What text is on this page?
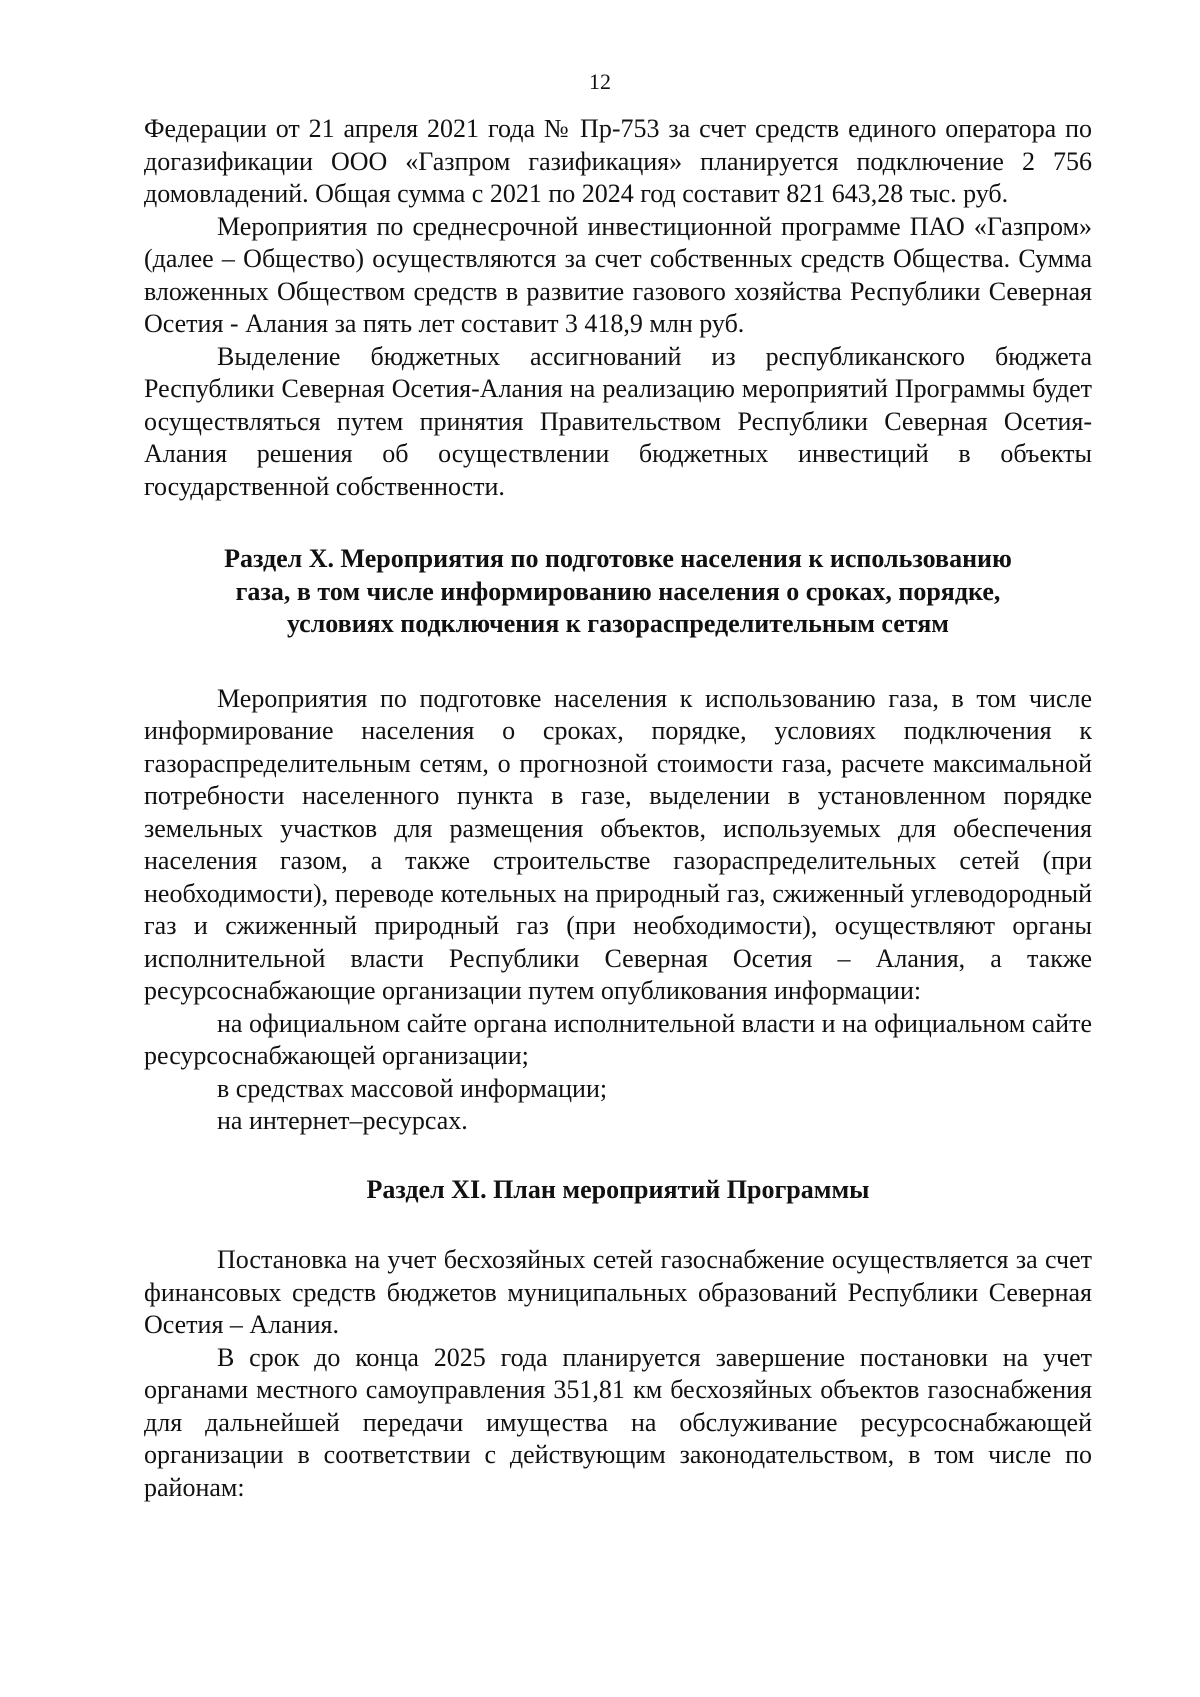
12

Федерации от 21 апреля 2021 года № Пр-753 за счет средств единого оператора по догазификации ООО «Газпром газификация» планируется подключение 2 756 домовладений. Общая сумма с 2021 по 2024 год составит 821 643,28 тыс. руб.

Мероприятия по среднесрочной инвестиционной программе ПАО «Газпром» (далее – Общество) осуществляются за счет собственных средств Общества. Сумма вложенных Обществом средств в развитие газового хозяйства Республики Северная Осетия - Алания за пять лет составит 3 418,9 млн руб.

Выделение бюджетных ассигнований из республиканского бюджета Республики Северная Осетия-Алания на реализацию мероприятий Программы будет осуществляться путем принятия Правительством Республики Северная Осетия-Алания решения об осуществлении бюджетных инвестиций в объекты государственной собственности.

Раздел X. Мероприятия по подготовке населения к использованию
газа, в том числе информированию населения о сроках, порядке,
условиях подключения к газораспределительным сетям

Мероприятия по подготовке населения к использованию газа, в том числе информирование населения о сроках, порядке, условиях подключения к газораспределительным сетям, о прогнозной стоимости газа, расчете максимальной потребности населенного пункта в газе, выделении в установленном порядке земельных участков для размещения объектов, используемых для обеспечения населения газом, а также строительстве газораспределительных сетей (при необходимости), переводе котельных на природный газ, сжиженный углеводородный газ и сжиженный природный газ (при необходимости), осуществляют органы исполнительной власти Республики Северная Осетия – Алания, а также ресурсоснабжающие организации путем опубликования информации:

на официальном сайте органа исполнительной власти и на официальном сайте ресурсоснабжающей организации;

в средствах массовой информации;

на интернет–ресурсах.

Раздел XI. План мероприятий Программы

Постановка на учет бесхозяйных сетей газоснабжение осуществляется за счет финансовых средств бюджетов муниципальных образований Республики Северная Осетия – Алания.

В срок до конца 2025 года планируется завершение постановки на учет органами местного самоуправления 351,81 км бесхозяйных объектов газоснабжения для дальнейшей передачи имущества на обслуживание ресурсоснабжающей организации в соответствии с действующим законодательством, в том числе по районам:
